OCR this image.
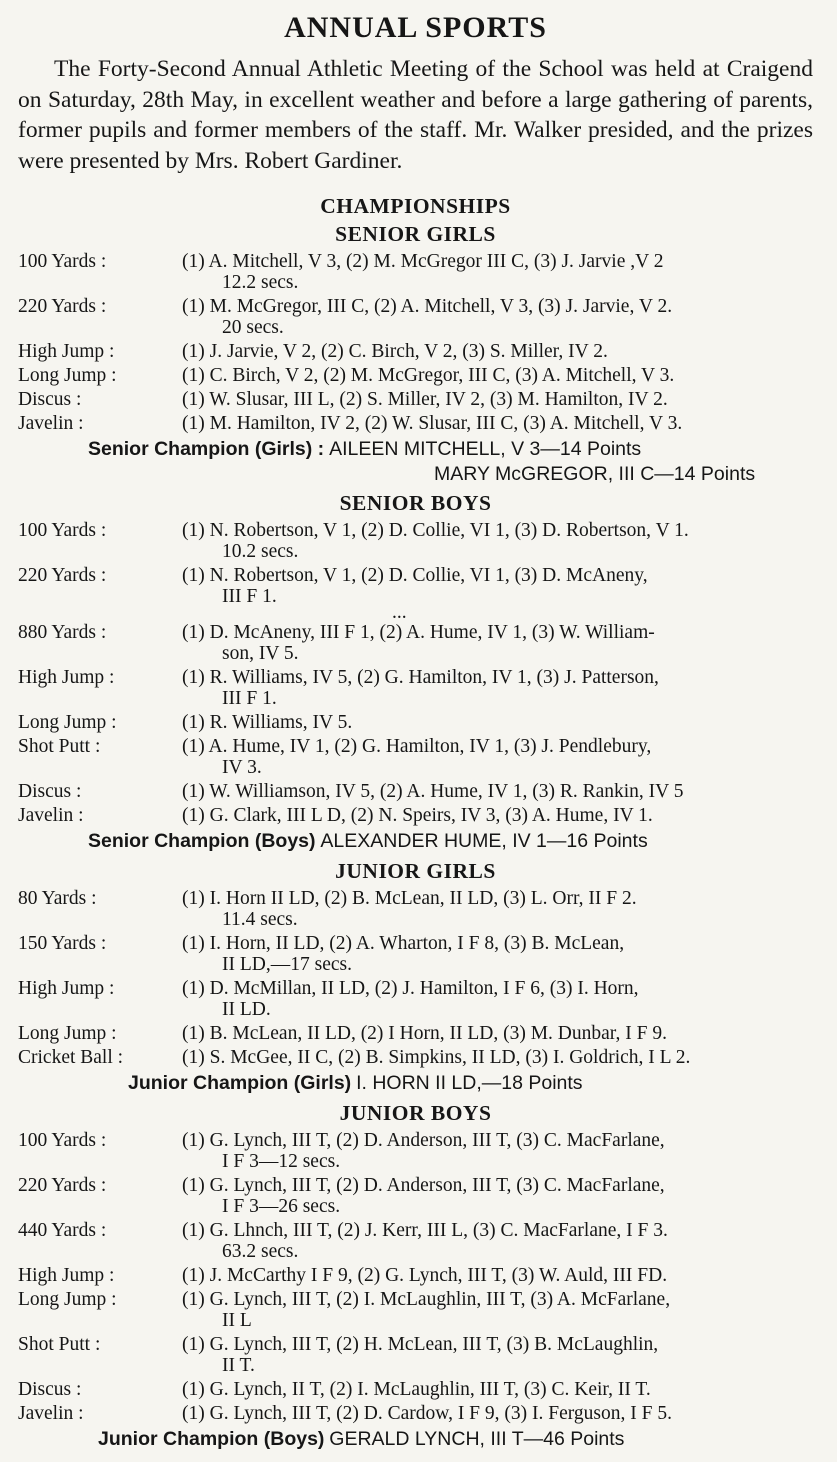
ANNUAL SPORTS

The Forty-Second Annual Athletic Meeting of the School was held at Craigend on Saturday, 28th May, in excellent weather and before a large gathering of parents, former pupils and former members of the staff. Mr. Walker presided, and the prizes were presented by Mrs. Robert Gardiner.

CHAMPIONSHIPS
SENIOR GIRLS
100 Yards :	(1) A. Mitchell, V 3, (2) M. McGregor III C, (3) J. Jarvie ,V 2
12.2 secs.
220 Yards :	(1) M. McGregor, III C, (2) A. Mitchell, V 3, (3) J. Jarvie, V 2.
20 secs.
High Jump :	(1) J. Jarvie, V 2, (2) C. Birch, V 2, (3) S. Miller, IV 2.
Long Jump :	(1) C. Birch, V 2, (2) M. McGregor, III C, (3) A. Mitchell, V 3.
Discus :	(1) W. Slusar, III L, (2) S. Miller, IV 2, (3) M. Hamilton, IV 2.
Javelin :	(1) M. Hamilton, IV 2, (2) W. Slusar, III C, (3) A. Mitchell, V 3.
Senior Champion (Girls) : AILEEN MITCHELL, V 3—14 Points
MARY McGREGOR, III C—14 Points
SENIOR BOYS
100 Yards :	(1) N. Robertson, V 1, (2) D. Collie, VI 1, (3) D. Robertson, V 1.
10.2 secs.
220 Yards :	(1) N. Robertson, V 1, (2) D. Collie, VI 1, (3) D. McAneny,
III F 1.
...
880 Yards :	(1) D. McAneny, III F 1, (2) A. Hume, IV 1, (3) W. William-
son, IV 5.
High Jump :	(1) R. Williams, IV 5, (2) G. Hamilton, IV 1, (3) J. Patterson,
III F 1.
Long Jump :	(1) R. Williams, IV 5.
Shot Putt :	(1) A. Hume, IV 1, (2) G. Hamilton, IV 1, (3) J. Pendlebury,
IV 3.
Discus :	(1) W. Williamson, IV 5, (2) A. Hume, IV 1, (3) R. Rankin, IV 5
Javelin :	(1) G. Clark, III L D, (2) N. Speirs, IV 3, (3) A. Hume, IV 1.
Senior Champion (Boys) ALEXANDER HUME, IV 1—16 Points
JUNIOR GIRLS
80 Yards :	(1) I. Horn II LD, (2) B. McLean, II LD, (3) L. Orr, II F 2.
11.4 secs.
150 Yards :	(1) I. Horn, II LD, (2) A. Wharton, I F 8, (3) B. McLean,
II LD,—17 secs.
High Jump :	(1) D. McMillan, II LD, (2) J. Hamilton, I F 6, (3) I. Horn,
II LD.
Long Jump :	(1) B. McLean, II LD, (2) I Horn, II LD, (3) M. Dunbar, I F 9.
Cricket Ball :	(1) S. McGee, II C, (2) B. Simpkins, II LD, (3) I. Goldrich, I L 2.
Junior Champion (Girls) I. HORN II LD,—18 Points
JUNIOR BOYS
100 Yards :	(1) G. Lynch, III T, (2) D. Anderson, III T, (3) C. MacFarlane,
I F 3—12 secs.
220 Yards :	(1) G. Lynch, III T, (2) D. Anderson, III T, (3) C. MacFarlane,
I F 3—26 secs.
440 Yards :	(1) G. Lhnch, III T, (2) J. Kerr, III L, (3) C. MacFarlane, I F 3.
63.2 secs.
High Jump :	(1) J. McCarthy I F 9, (2) G. Lynch, III T, (3) W. Auld, III FD.
Long Jump :	(1) G. Lynch, III T, (2) I. McLaughlin, III T, (3) A. McFarlane,
II L
Shot Putt :	(1) G. Lynch, III T, (2) H. McLean, III T, (3) B. McLaughlin,
II T.
Discus :	(1) G. Lynch, II T, (2) I. McLaughlin, III T, (3) C. Keir, II T.
Javelin :	(1) G. Lynch, III T, (2) D. Cardow, I F 9, (3) I. Ferguson, I F 5.
Junior Champion (Boys) GERALD LYNCH, III T—46 Points
